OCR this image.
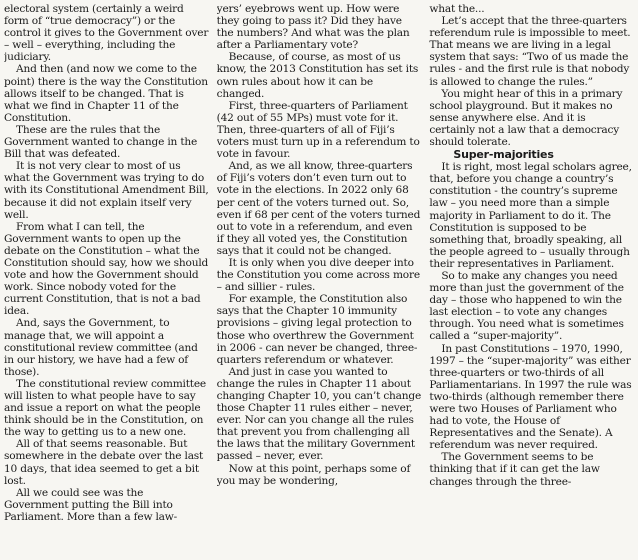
electoral system (certainly a weird form of “true democracy”) or the control it gives to the Government over – well – everything, including the judiciary.

And then (and now we come to the point) there is the way the Constitution allows itself to be changed. That is what we find in Chapter 11 of the Constitution.

These are the rules that the Government wanted to change in the Bill that was defeated.

It is not very clear to most of us what the Government was trying to do with its Constitutional Amendment Bill, because it did not explain itself very well.

From what I can tell, the Government wants to open up the debate on the Constitution – what the Constitution should say, how we should vote and how the Government should work. Since nobody voted for the current Constitution, that is not a bad idea.

And, says the Government, to manage that, we will appoint a constitutional review committee (and in our history, we have had a few of those).

The constitutional review committee will listen to what people have to say and issue a report on what the people think should be in the Constitution, on the way to getting us to a new one.

All of that seems reasonable. But somewhere in the debate over the last 10 days, that idea seemed to get a bit lost.

All we could see was the Government putting the Bill into Parliament. More than a few law-

yers’ eyebrows went up. How were they going to pass it? Did they have the numbers? And what was the plan after a Parliamentary vote?

Because, of course, as most of us know, the 2013 Constitution has set its own rules about how it can be changed.

First, three-quarters of Parliament (42 out of 55 MPs) must vote for it. Then, three-quarters of all of Fiji’s voters must turn up in a referendum to vote in favour.

And, as we all know, three-quarters of Fiji’s voters don’t even turn out to vote in the elections. In 2022 only 68 per cent of the voters turned out. So, even if 68 per cent of the voters turned out to vote in a referendum, and even if they all voted yes, the Constitution says that it could not be changed.

It is only when you dive deeper into the Constitution you come across more – and sillier - rules.

For example, the Constitution also says that the Chapter 10 immunity provisions – giving legal protection to those who overthrew the Government in 2006 - can never be changed, three-quarters referendum or whatever.

And just in case you wanted to change the rules in Chapter 11 about changing Chapter 10, you can’t change those Chapter 11 rules either – never, ever. Nor can you change all the rules that prevent you from challenging all the laws that the military Government passed – never, ever.

Now at this point, perhaps some of you may be wondering,

what the...

Let’s accept that the three-quarters referendum rule is impossible to meet. That means we are living in a legal system that says: “Two of us made the rules - and the first rule is that nobody is allowed to change the rules.”

You might hear of this in a primary school playground. But it makes no sense anywhere else. And it is certainly not a law that a democracy should tolerate.

Super-majorities

It is right, most legal scholars agree, that, before you change a country’s constitution - the country’s supreme law – you need more than a simple majority in Parliament to do it. The Constitution is supposed to be something that, broadly speaking, all the people agreed to – usually through their representatives in Parliament.

So to make any changes you need more than just the government of the day – those who happened to win the last election – to vote any changes through. You need what is sometimes called a “super-majority”.

In past Constitutions – 1970, 1990, 1997 – the “super-majority” was either three-quarters or two-thirds of all Parliamentarians. In 1997 the rule was two-thirds (although remember there were two Houses of Parliament who had to vote, the House of Representatives and the Senate). A referendum was never required.

The Government seems to be thinking that if it can get the law changes through the three-
